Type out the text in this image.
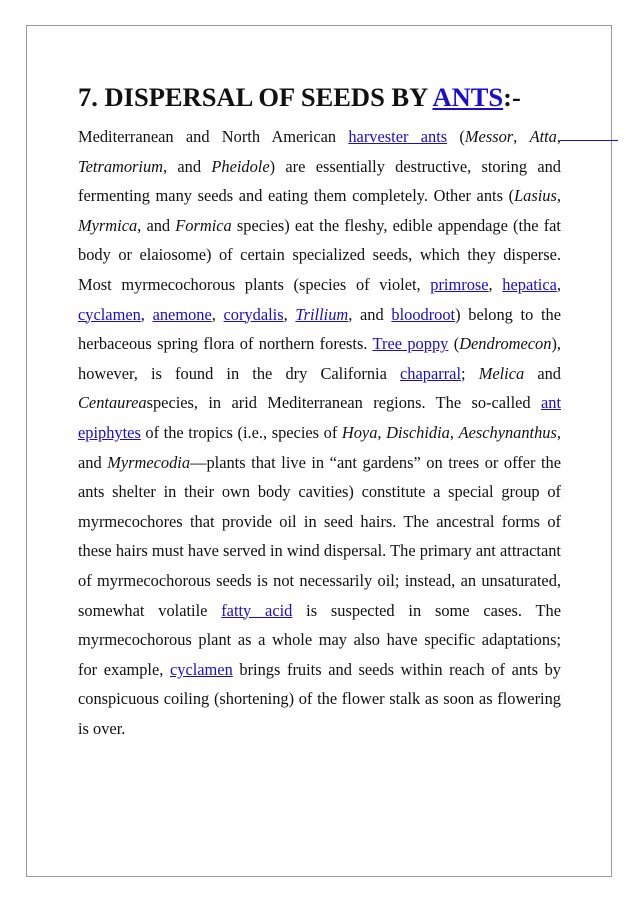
7. DISPERSAL OF SEEDS BY ANTS:-

Mediterranean and North American harvester ants (Messor, Atta, Tetramorium, and Pheidole) are essentially destructive, storing and fermenting many seeds and eating them completely. Other ants (Lasius, Myrmica, and Formica species) eat the fleshy, edible appendage (the fat body or elaiosome) of certain specialized seeds, which they disperse. Most myrmecochorous plants (species of violet, primrose, hepatica, cyclamen, anemone, corydalis, Trillium, and bloodroot) belong to the herbaceous spring flora of northern forests. Tree poppy (Dendromecon), however, is found in the dry California chaparral; Melica and Centaureaspecies, in arid Mediterranean regions. The so-called ant epiphytes of the tropics (i.e., species of Hoya, Dischidia, Aeschynanthus, and Myrmecodia—plants that live in “ant gardens” on trees or offer the ants shelter in their own body cavities) constitute a special group of myrmecochores that provide oil in seed hairs. The ancestral forms of these hairs must have served in wind dispersal. The primary ant attractant of myrmecochorous seeds is not necessarily oil; instead, an unsaturated, somewhat volatile fatty acid is suspected in some cases. The myrmecochorous plant as a whole may also have specific adaptations; for example, cyclamen brings fruits and seeds within reach of ants by conspicuous coiling (shortening) of the flower stalk as soon as flowering is over.
